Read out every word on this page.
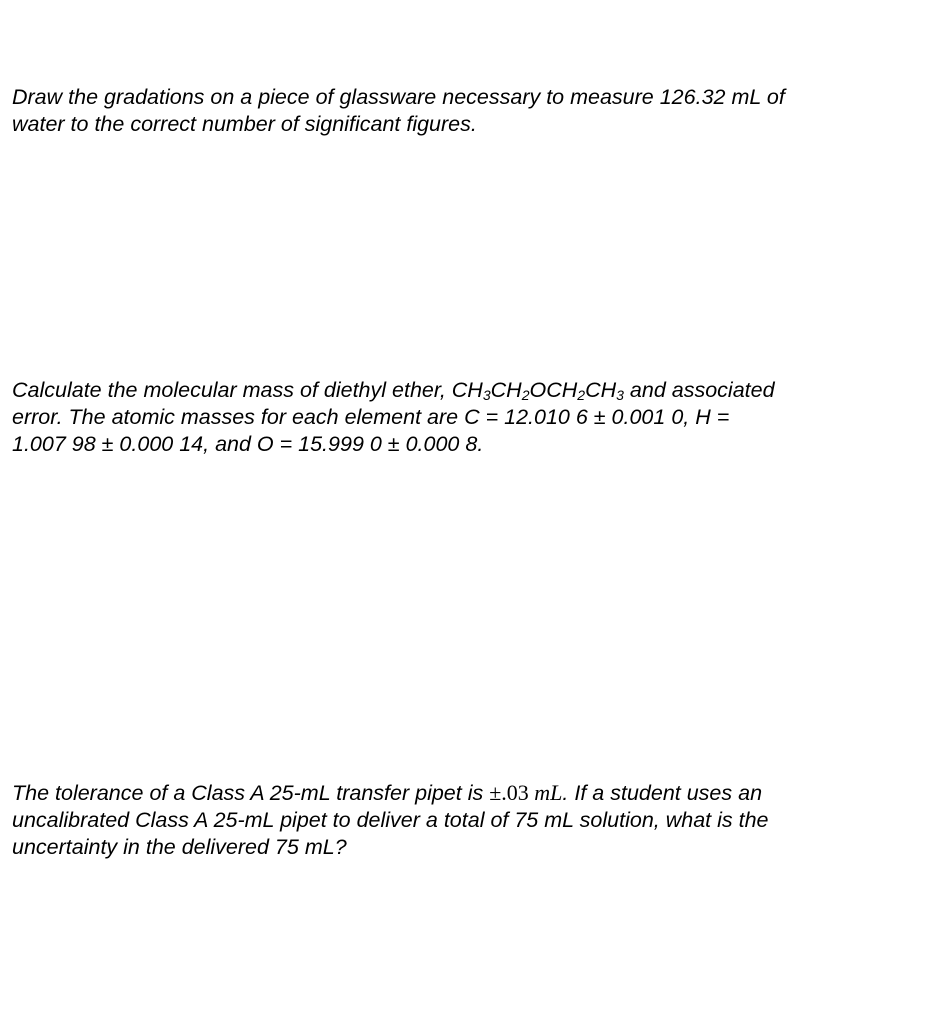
Draw the gradations on a piece of glassware necessary to measure 126.32 mL of
water to the correct number of significant figures.
Calculate the molecular mass of diethyl ether, $CH_3CH_2OCH_2CH_3$ and associated
error. The atomic masses for each element are C = 12.010 6 ± 0.001 0, H =
1.007 98 ± 0.000 14, and O = 15.999 0 ± 0.000 8.
The tolerance of a Class A 25-mL transfer pipet is ±.03 mL. If a student uses an
uncalibrated Class A 25-mL pipet to deliver a total of 75 mL solution, what is the
uncertainty in the delivered 75 mL?
